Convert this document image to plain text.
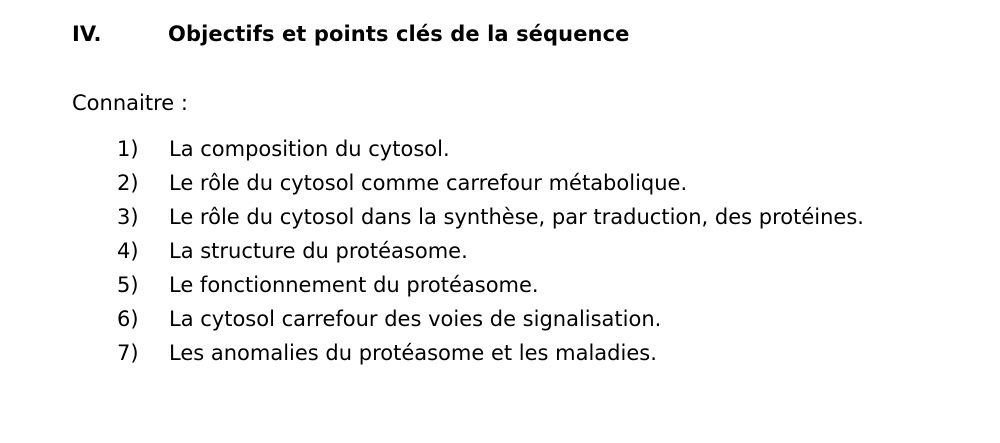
IV.	Objectifs et points clés de la séquence
Connaitre :
1)	La composition du cytosol.
2)	Le rôle du cytosol comme carrefour métabolique.
3)	Le rôle du cytosol dans la synthèse, par traduction, des protéines.
4)	La structure du protéasome.
5)	Le fonctionnement du protéasome.
6)	La cytosol carrefour des voies de signalisation.
7)	Les anomalies du protéasome et les maladies.
